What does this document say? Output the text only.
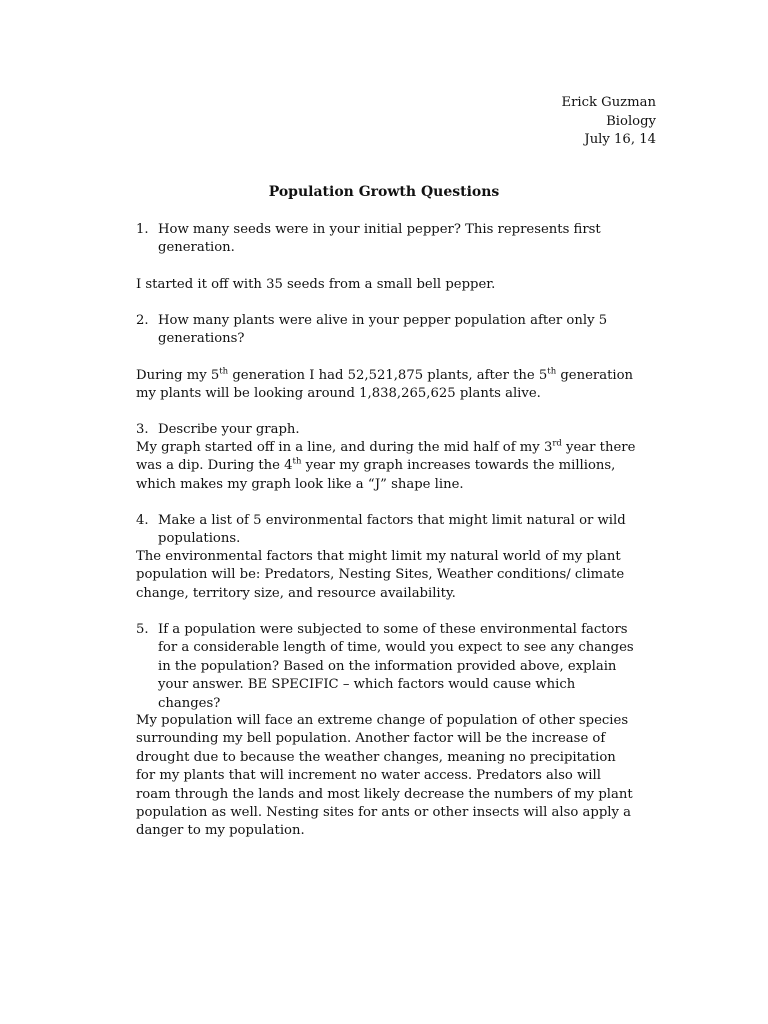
Erick Guzman
Biology
July 16, 14
Population Growth Questions
1. How many seeds were in your initial pepper? This represents first generation.
I started it off with 35 seeds from a small bell pepper.
2. How many plants were alive in your pepper population after only 5 generations?
During my 5th generation I had 52,521,875 plants, after the 5th generation my plants will be looking around 1,838,265,625 plants alive.
3. Describe your graph.
My graph started off in a line, and during the mid half of my 3rd year there was a dip. During the 4th year my graph increases towards the millions, which makes my graph look like a “J” shape line.
4. Make a list of 5 environmental factors that might limit natural or wild populations.
The environmental factors that might limit my natural world of my plant population will be: Predators, Nesting Sites, Weather conditions/ climate change, territory size, and resource availability.
5. If a population were subjected to some of these environmental factors for a considerable length of time, would you expect to see any changes in the population? Based on the information provided above, explain your answer. BE SPECIFIC – which factors would cause which changes?
My population will face an extreme change of population of other species surrounding my bell population. Another factor will be the increase of drought due to because the weather changes, meaning no precipitation for my plants that will increment no water access. Predators also will roam through the lands and most likely decrease the numbers of my plant population as well. Nesting sites for ants or other insects will also apply a danger to my population.
